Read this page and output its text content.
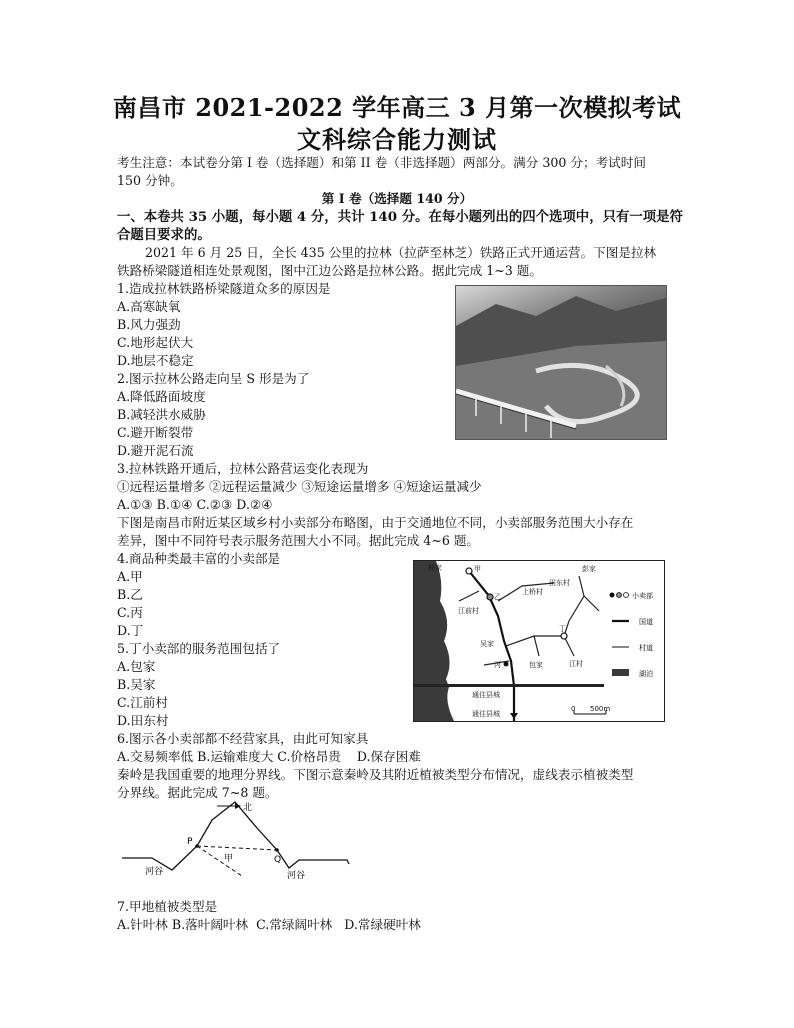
南昌市 2021-2022 学年高三 3 月第一次模拟考试
文科综合能力测试
考生注意：本试卷分第 I 卷（选择题）和第 II 卷（非选择题）两部分。满分 300 分；考试时间
150 分钟。
第 I 卷（选择题 140 分）
一、本卷共 35 小题，每小题 4 分，共计 140 分。在每小题列出的四个选项中，只有一项是符
合题目要求的。
2021 年 6 月 25 日，全长 435 公里的拉林（拉萨至林芝）铁路正式开通运营。下图是拉林
铁路桥梁隧道相连处景观图，图中江边公路是拉林公路。据此完成 1~3 题。
1.造成拉林铁路桥梁隧道众多的原因是
A.高寒缺氧
B.风力强劲
C.地形起伏大
D.地层不稳定
2.图示拉林公路走向呈 S 形是为了
A.降低路面坡度
B.减轻洪水威胁
C.避开断裂带
D.避开泥石流
3.拉林铁路开通后，拉林公路营运变化表现为
①远程运量增多 ②远程运量减少 ③短途运量增多 ④短途运量减少
A.①③ B.①④ C.②③ D.②④
下图是南昌市附近某区域乡村小卖部分布略图，由于交通地位不同，小卖部服务范围大小存在
差异，图中不同符号表示服务范围大小不同。据此完成 4~6 题。
4.商品种类最丰富的小卖部是
A.甲
B.乙
C.丙
D.丁
5.丁小卖部的服务范围包括了
A.包家
B.吴家
C.江前村
D.田东村
杨家	甲	彭家
田东村
乙
上桥村
江前村
丁
吴家
丙	包家	江村
通往县城
通往县城
0 500m
小卖部
国道
村道
湖泊
6.图示各小卖部都不经营家具，由此可知家具
A.交易频率低 B.运输难度大 C.价格昂贵    D.保存困难
秦岭是我国重要的地理分界线。下图示意秦岭及其附近植被类型分布情况，虚线表示植被类型
分界线。据此完成 7~8 题。
北
P
Q
甲
河谷	河谷
7.甲地植被类型是
A.针叶林 B.落叶阔叶林  C.常绿阔叶林   D.常绿硬叶林
